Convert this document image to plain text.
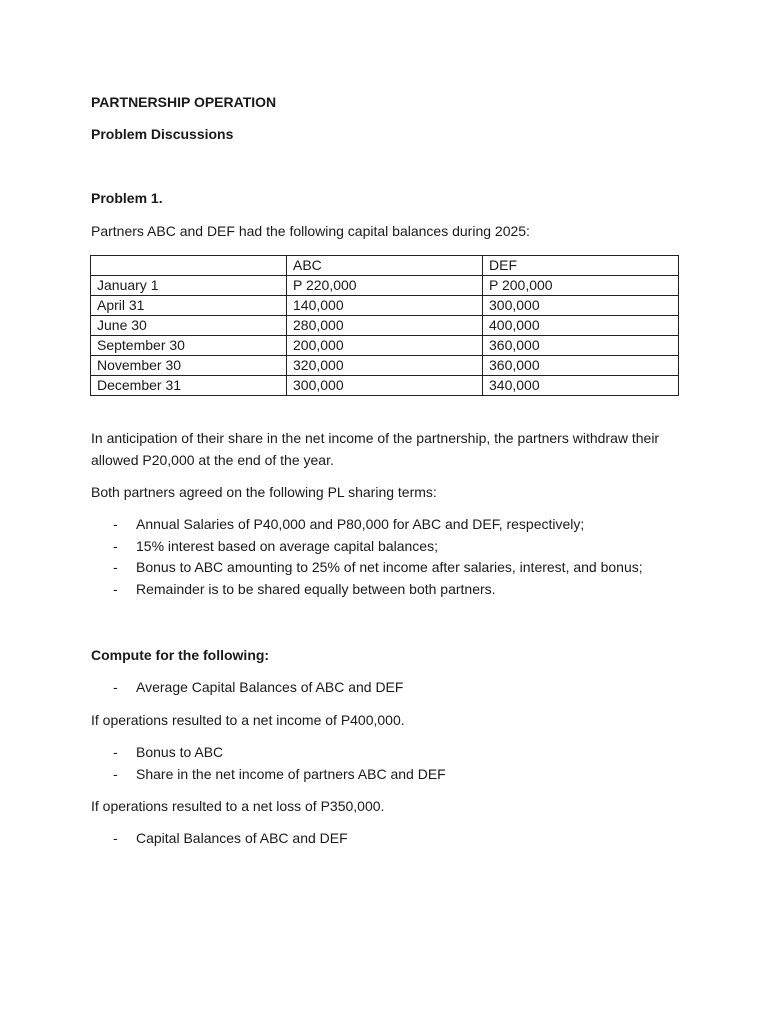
PARTNERSHIP OPERATION

Problem Discussions

Problem 1.

Partners ABC and DEF had the following capital balances during 2025:

	ABC	DEF
January 1	P 220,000	P 200,000
April 31	140,000	300,000
June 30	280,000	400,000
September 30	200,000	360,000
November 30	320,000	360,000
December 31	300,000	340,000

In anticipation of their share in the net income of the partnership, the partners withdraw their allowed P20,000 at the end of the year.

Both partners agreed on the following PL sharing terms:

- Annual Salaries of P40,000 and P80,000 for ABC and DEF, respectively;
- 15% interest based on average capital balances;
- Bonus to ABC amounting to 25% of net income after salaries, interest, and bonus;
- Remainder is to be shared equally between both partners.

Compute for the following:

- Average Capital Balances of ABC and DEF

If operations resulted to a net income of P400,000.

- Bonus to ABC
- Share in the net income of partners ABC and DEF

If operations resulted to a net loss of P350,000.

- Capital Balances of ABC and DEF
